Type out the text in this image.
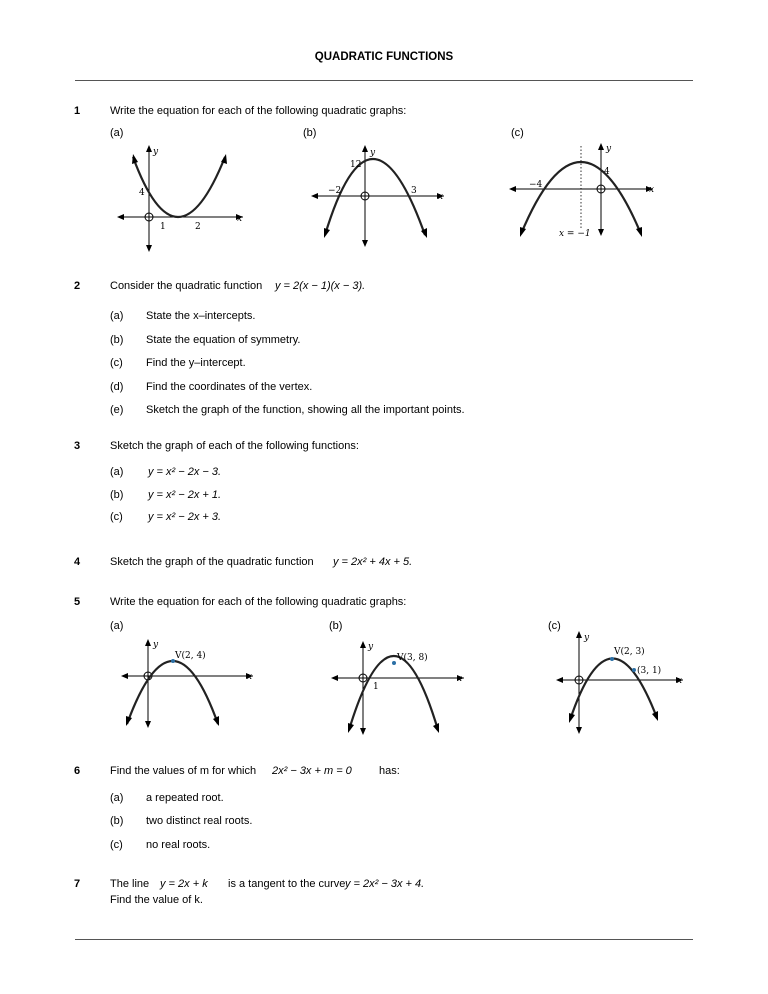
QUADRATIC FUNCTIONS
1	Write the equation for each of the following quadratic graphs:
(a)	(b)	(c)
y
x
4
1	2
y
x
12
−2	3
y
x
4
−4
x = −1
2	Consider the quadratic function y = 2(x − 1)(x − 3).
(a) State the x–intercepts.
(b) State the equation of symmetry.
(c) Find the y–intercept.
(d) Find the coordinates of the vertex.
(e) Sketch the graph of the function, showing all the important points.
3	Sketch the graph of each of the following functions:
(a) y = x² − 2x − 3.
(b) y = x² − 2x + 1.
(c) y = x² − 2x + 3.
4	Sketch the graph of the quadratic function y = 2x² + 4x + 5.
5	Write the equation for each of the following quadratic graphs:
(a)	(b)	(c)
y
x
V(2, 4)
y
x
V(3, 8)
1
y
x
V(2, 3)
(3, 1)
6	Find the values of m for which 2x² − 3x + m = 0 has:
(a) a repeated root.
(b) two distinct real roots.
(c) no real roots.
7	The line y = 2x + k is a tangent to the curve y = 2x² − 3x + 4.
Find the value of k.
